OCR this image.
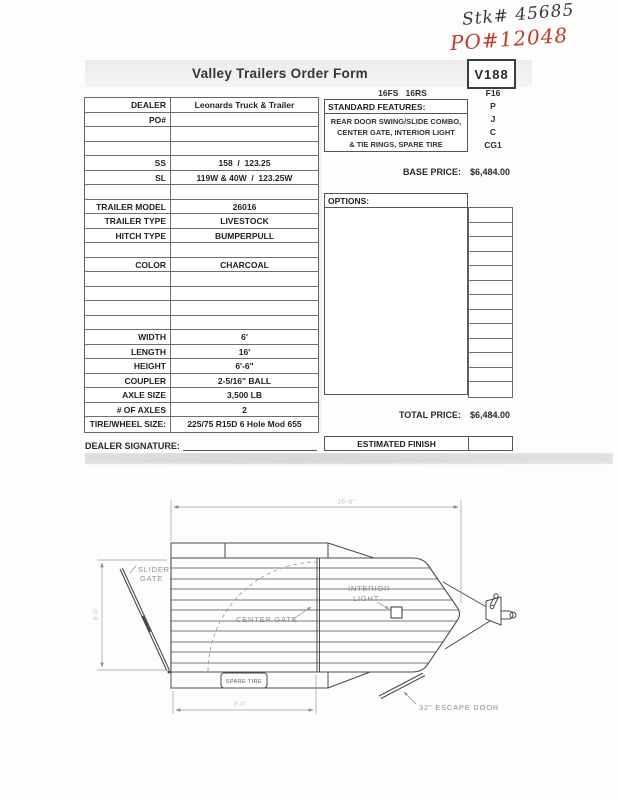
Stk# 45685
PO#12048
Valley Trailers Order Form	V188
16FS   16RS	F16
DEALER	Leonards Truck & Trailer
PO#
SS	158  /  123.25
SL	119W & 40W  /  123.25W
TRAILER MODEL	26016
TRAILER TYPE	LIVESTOCK
HITCH TYPE	BUMPERPULL
COLOR	CHARCOAL
WIDTH	6'
LENGTH	16'
HEIGHT	6'-6"
COUPLER	2-5/16" BALL
AXLE SIZE	3,500 LB
# OF AXLES	2
TIRE/WHEEL SIZE:	225/75 R15D 6 Hole Mod 655
STANDARD FEATURES:
REAR DOOR SWING/SLIDE COMBO,
CENTER GATE, INTERIOR LIGHT
& TIE RINGS, SPARE TIRE
P
J
C
CG1
BASE PRICE: $6,484.00
OPTIONS:
TOTAL PRICE: $6,484.00
ESTIMATED FINISH
DEALER SIGNATURE:
16'-0"
6'-0"
8'-0"
SLIDER
GATE
CENTER GATE
INTERIOR
LIGHT
32" ESCAPE DOOR
SPARE TIRE
